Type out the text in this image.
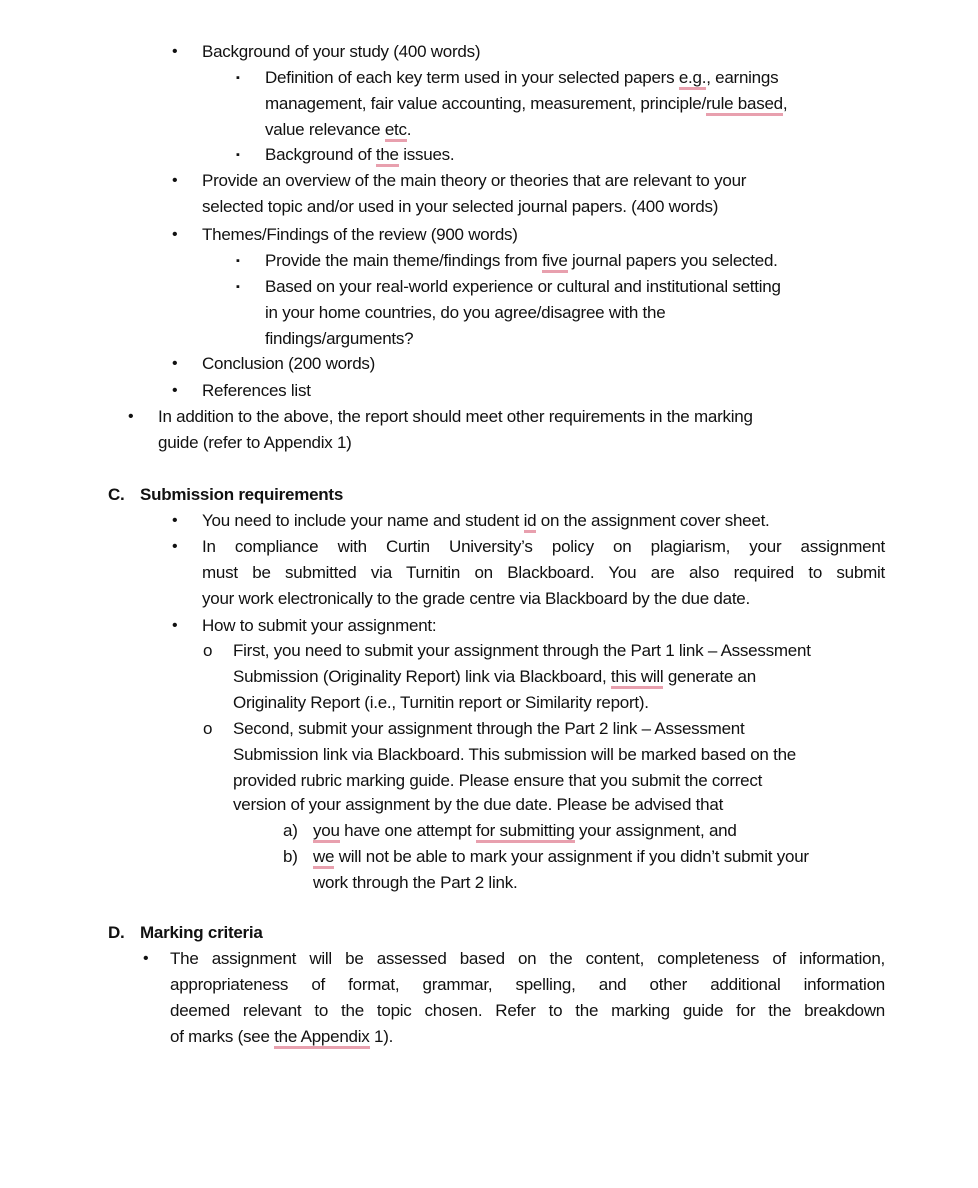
• Background of your study (400 words)
▪ Definition of each key term used in your selected papers e.g., earnings
management, fair value accounting, measurement, principle/rule based,
value relevance etc.
▪ Background of the issues.
• Provide an overview of the main theory or theories that are relevant to your
selected topic and/or used in your selected journal papers. (400 words)
• Themes/Findings of the review (900 words)
▪ Provide the main theme/findings from five journal papers you selected.
▪ Based on your real-world experience or cultural and institutional setting
in your home countries, do you agree/disagree with the
findings/arguments?
• Conclusion (200 words)
• References list
• In addition to the above, the report should meet other requirements in the marking
guide (refer to Appendix 1)
C. Submission requirements
• You need to include your name and student id on the assignment cover sheet.
• In compliance with Curtin University’s policy on plagiarism, your assignment
must be submitted via Turnitin on Blackboard. You are also required to submit
your work electronically to the grade centre via Blackboard by the due date.
• How to submit your assignment:
o First, you need to submit your assignment through the Part 1 link – Assessment
Submission (Originality Report) link via Blackboard, this will generate an
Originality Report (i.e., Turnitin report or Similarity report).
o Second, submit your assignment through the Part 2 link – Assessment
Submission link via Blackboard. This submission will be marked based on the
provided rubric marking guide. Please ensure that you submit the correct
version of your assignment by the due date. Please be advised that
a) you have one attempt for submitting your assignment, and
b) we will not be able to mark your assignment if you didn’t submit your
work through the Part 2 link.
D. Marking criteria
• The assignment will be assessed based on the content, completeness of information,
appropriateness of format, grammar, spelling, and other additional information
deemed relevant to the topic chosen. Refer to the marking guide for the breakdown
of marks (see the Appendix 1).
